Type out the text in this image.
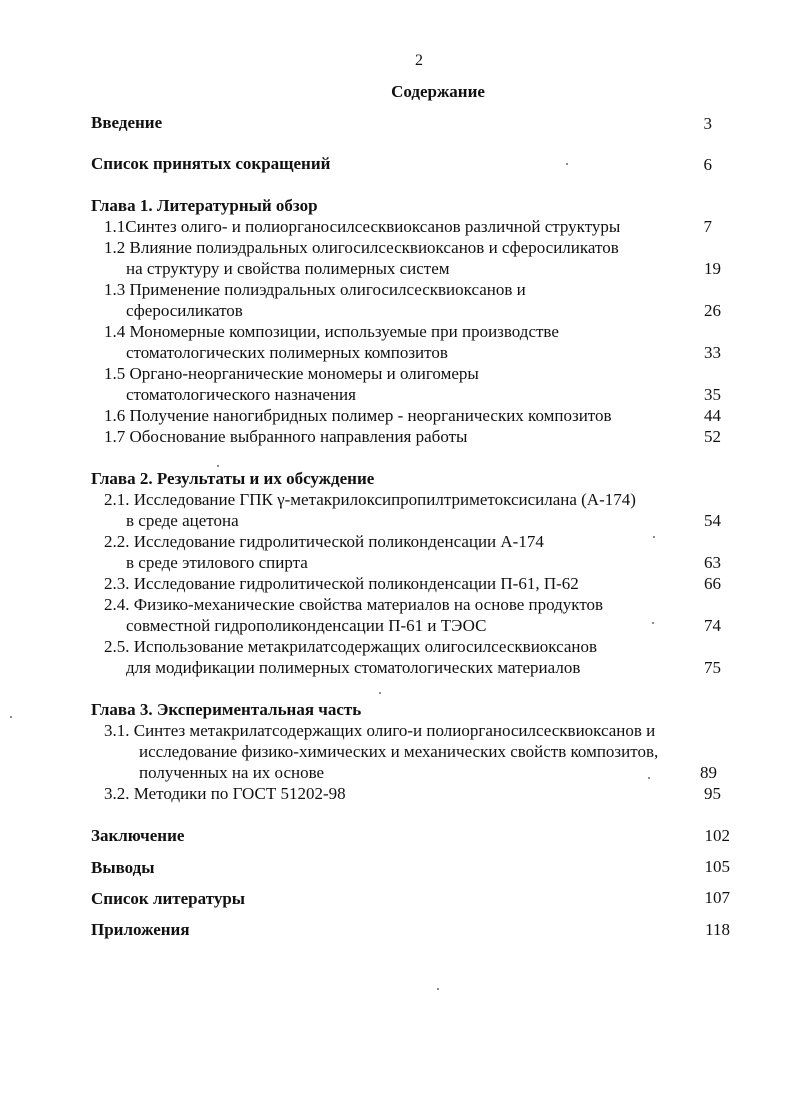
2
Содержание
Введение	3
Список принятых сокращений	6
Глава 1. Литературный обзор
1.1Синтез олиго- и полиорганосилсесквиоксанов различной структуры	7
1.2 Влияние полиэдральных олигосилсесквиоксанов и сферосиликатов
на структуру и свойства полимерных систем	19
1.3 Применение полиэдральных олигосилсесквиоксанов и
сферосиликатов	26
1.4 Мономерные композиции, используемые при производстве
стоматологических полимерных композитов	33
1.5 Органо-неорганические мономеры и олигомеры
стоматологического назначения	35
1.6 Получение наногибридных полимер - неорганических композитов	44
1.7 Обоснование выбранного направления работы	52
Глава 2. Результаты и их обсуждение
2.1. Исследование ГПК γ-метакрилоксипропилтриметоксисилана (А-174)
в среде ацетона	54
2.2. Исследование гидролитической поликонденсации А-174
в среде этилового спирта	63
2.3. Исследование гидролитической поликонденсации П-61, П-62	66
2.4. Физико-механические свойства материалов на основе продуктов
совместной гидрополиконденсации П-61 и ТЭОС	74
2.5. Использование метакрилатсодержащих олигосилсесквиоксанов
для модификации полимерных стоматологических материалов	75
Глава 3. Экспериментальная часть
3.1. Синтез метакрилатсодержащих олиго-и полиорганосилсесквиоксанов и
исследование физико-химических и механических свойств композитов,
полученных на их основе	89
3.2. Методики по ГОСТ 51202-98	95
Заключение	102
Выводы	105
Список литературы	107
Приложения	118
